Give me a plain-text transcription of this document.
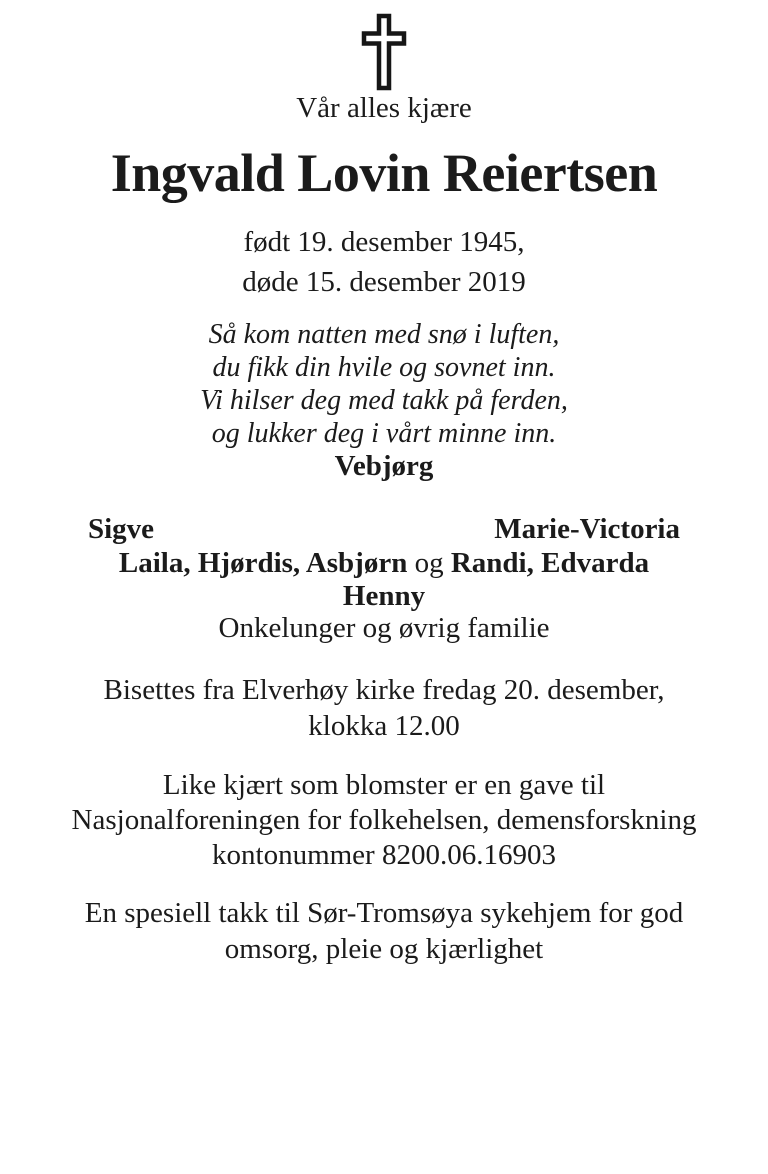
Vår alles kjære

Ingvald Lovin Reiertsen

født 19. desember 1945,

døde 15. desember 2019

Så kom natten med snø i luften,

du fikk din hvile og sovnet inn.

Vi hilser deg med takk på ferden,

og lukker deg i vårt minne inn.

Vebjørg

Sigve	Marie-Victoria

Laila, Hjørdis, Asbjørn og Randi, Edvarda

Henny

Onkelunger og øvrig familie

Bisettes fra Elverhøy kirke fredag 20. desember,

klokka 12.00

Like kjært som blomster er en gave til

Nasjonalforeningen for folkehelsen, demensforskning

kontonummer 8200.06.16903

En spesiell takk til Sør-Tromsøya sykehjem for god

omsorg, pleie og kjærlighet
